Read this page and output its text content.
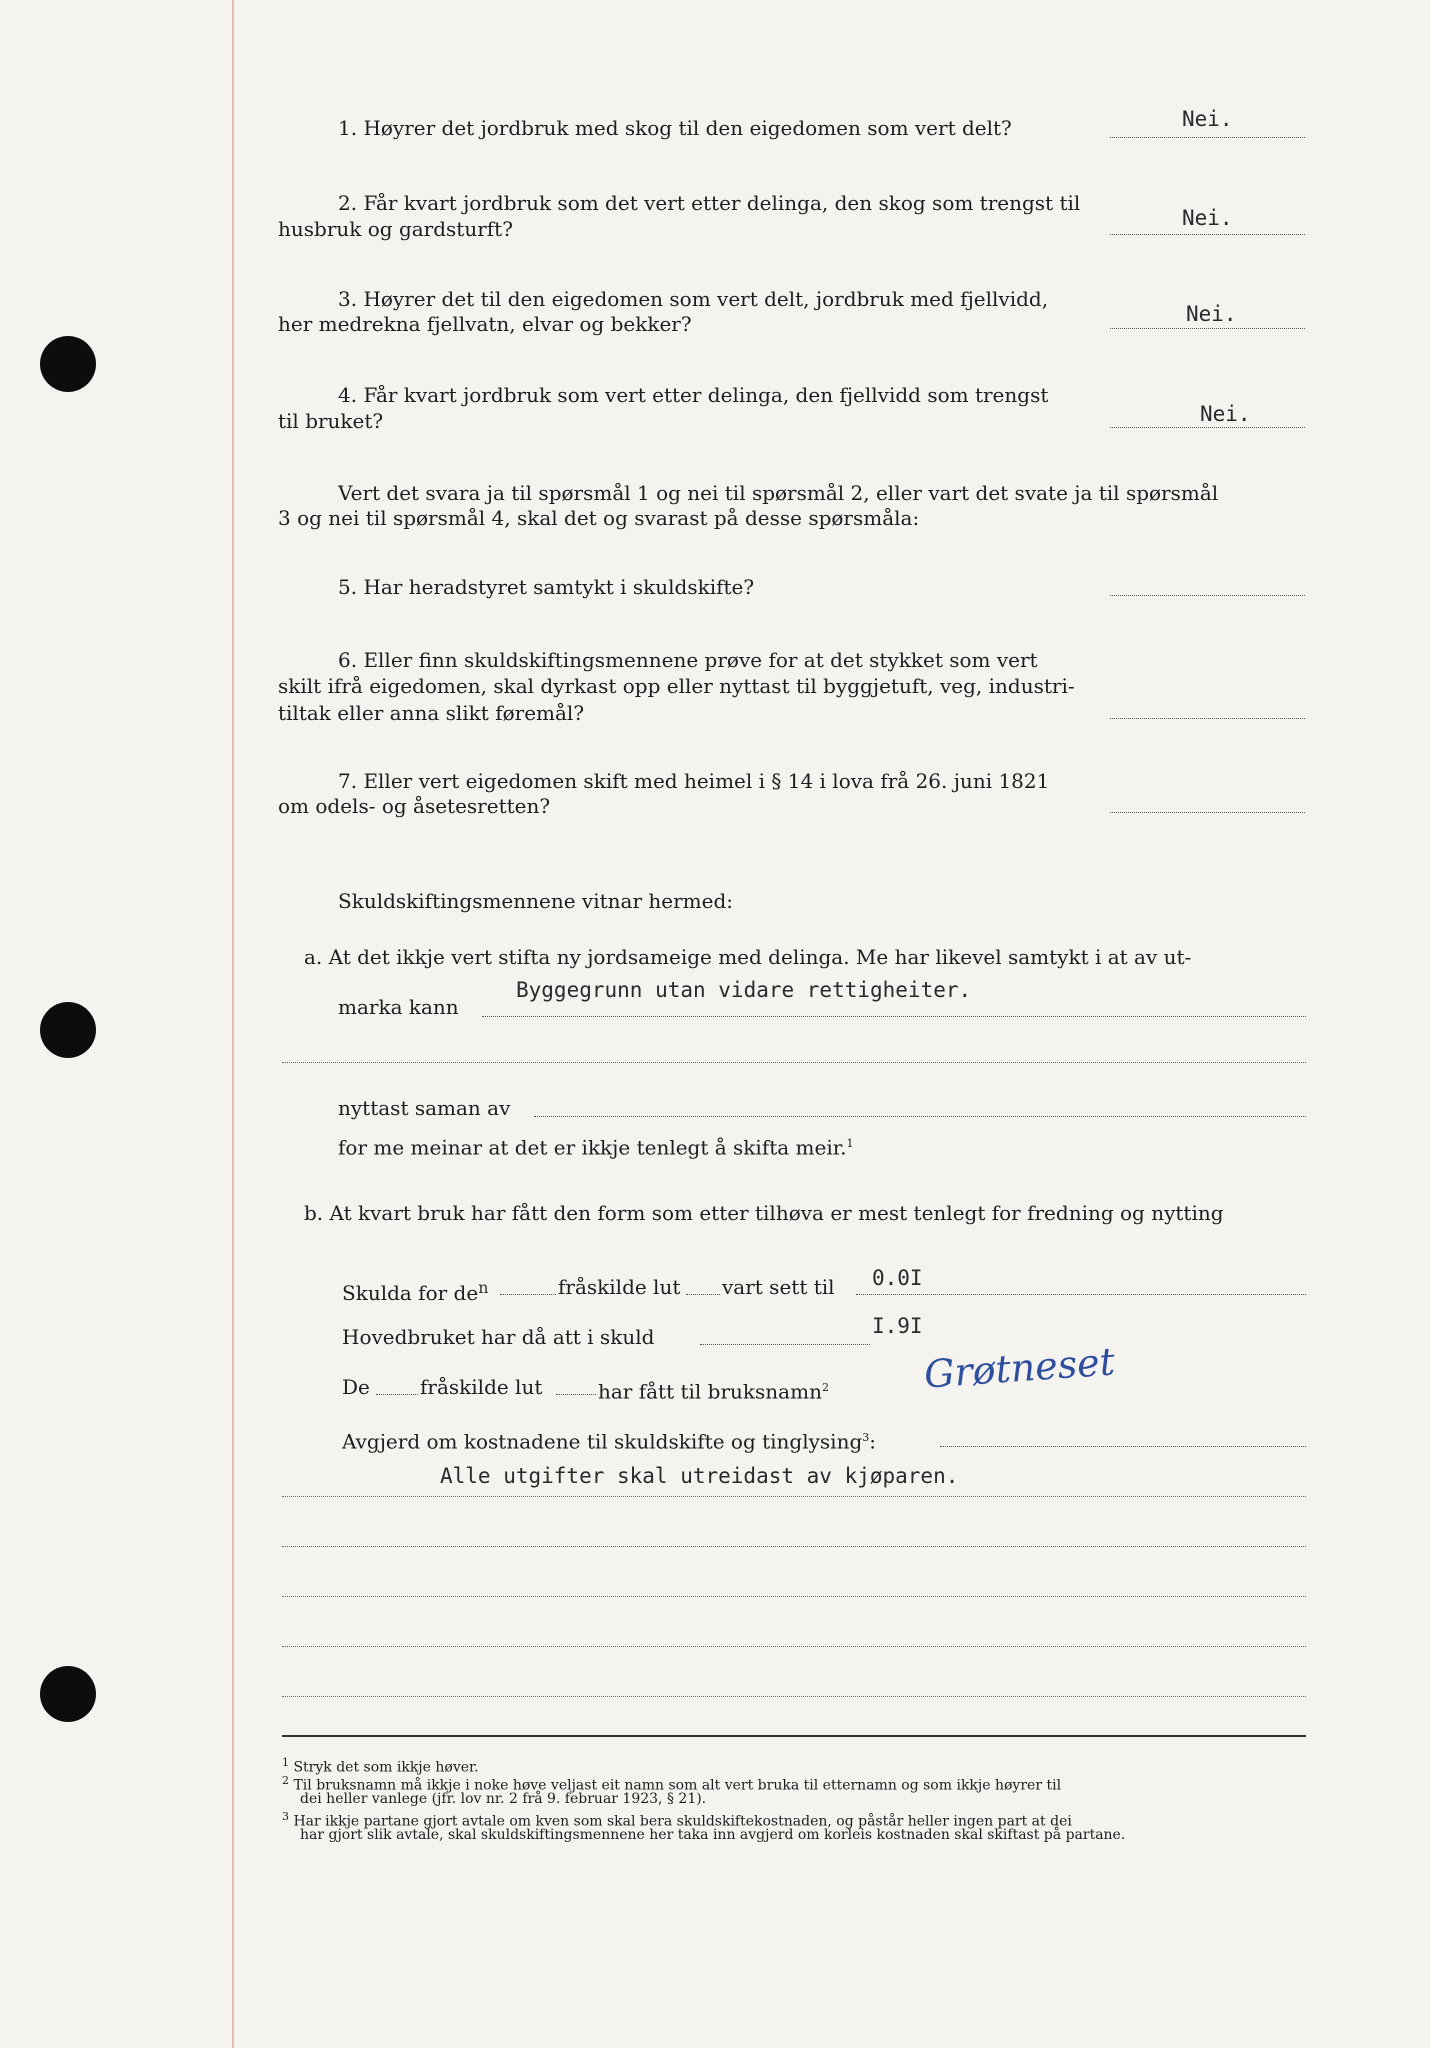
1. Høyrer det jordbruk med skog til den eigedomen som vert delt?	Nei.
2. Får kvart jordbruk som det vert etter delinga, den skog som trengst til
husbruk og gardsturft?	Nei.
3. Høyrer det til den eigedomen som vert delt, jordbruk med fjellvidd,
her medrekna fjellvatn, elvar og bekker?	Nei.
4. Får kvart jordbruk som vert etter delinga, den fjellvidd som trengst
til bruket?	Nei.
Vert det svara ja til spørsmål 1 og nei til spørsmål 2, eller vart det svate ja til spørsmål
3 og nei til spørsmål 4, skal det og svarast på desse spørsmåla:
5. Har heradstyret samtykt i skuldskifte?
6. Eller finn skuldskiftingsmennene prøve for at det stykket som vert
skilt ifrå eigedomen, skal dyrkast opp eller nyttast til byggjetuft, veg, industri-
tiltak eller anna slikt føremål?
7. Eller vert eigedomen skift med heimel i § 14 i lova frå 26. juni 1821
om odels- og åsetesretten?
Skuldskiftingsmennene vitnar hermed:
a. At det ikkje vert stifta ny jordsameige med delinga. Me har likevel samtykt i at av ut-
marka kann
Byggegrunn utan vidare rettigheiter.
nyttast saman av
for me meinar at det er ikkje tenlegt å skifta meir.$^1$
b. At kvart bruk har fått den form som etter tilhøva er mest tenlegt for fredning og nytting
Skulda for $de^n$	fråskilde lut vart sett til 0.0I
Hovedbruket har då att i skuld	I.9I
De	fråskilde lut	har fått til bruksnamn$^2$ Grøtneset
Avgjerd om kostnadene til skuldskifte og tinglysing$^3$:
Alle utgifter skal utreidast av kjøparen.
$^1$ Stryk det som ikkje høver.
$^2$ Til bruksnamn må ikkje i noke høve veljast eit namn som alt vert bruka til etternamn og som ikkje høyrer til
dei heller vanlege (jfr. lov nr. 2 frå 9. februar 1923, § 21).
$^3$ Har ikkje partane gjort avtale om kven som skal bera skuldskiftekostnaden, og påstår heller ingen part at dei
har gjort slik avtale, skal skuldskiftingsmennene her taka inn avgjerd om korleis kostnaden skal skiftast på partane.
